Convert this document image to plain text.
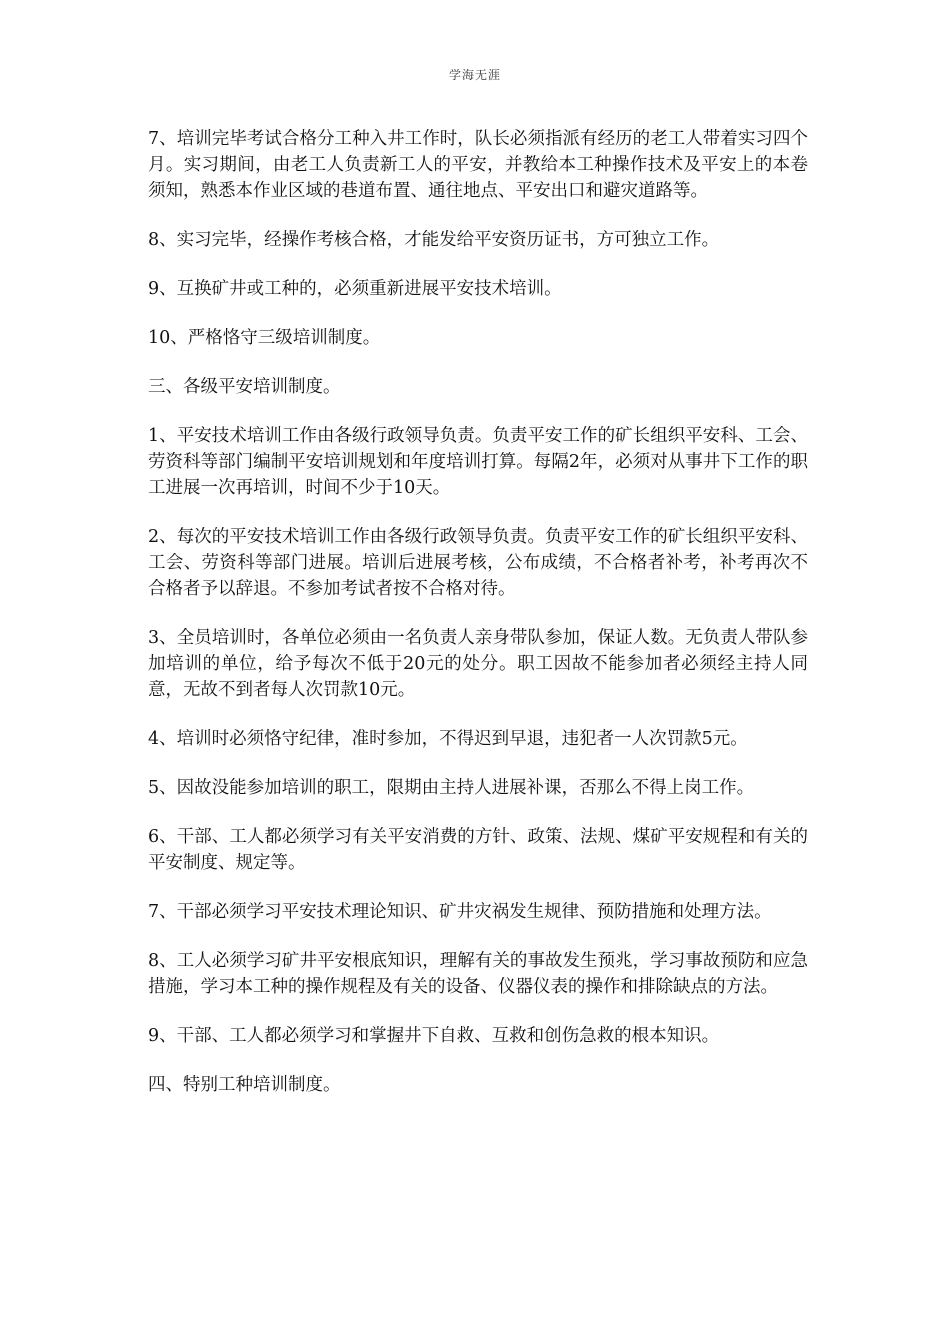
学海无涯

7、培训完毕考试合格分工种入井工作时，队长必须指派有经历的老工人带着实习四个月。实习期间，由老工人负责新工人的平安，并教给本工种操作技术及平安上的本卷须知，熟悉本作业区域的巷道布置、通往地点、平安出口和避灾道路等。

8、实习完毕，经操作考核合格，才能发给平安资历证书，方可独立工作。

9、互换矿井或工种的，必须重新进展平安技术培训。

10、严格恪守三级培训制度。

三、各级平安培训制度。

1、平安技术培训工作由各级行政领导负责。负责平安工作的矿长组织平安科、工会、劳资科等部门编制平安培训规划和年度培训打算。每隔2年，必须对从事井下工作的职工进展一次再培训，时间不少于10天。

2、每次的平安技术培训工作由各级行政领导负责。负责平安工作的矿长组织平安科、工会、劳资科等部门进展。培训后进展考核，公布成绩，不合格者补考，补考再次不合格者予以辞退。不参加考试者按不合格对待。

3、全员培训时，各单位必须由一名负责人亲身带队参加，保证人数。无负责人带队参加培训的单位，给予每次不低于20元的处分。职工因故不能参加者必须经主持人同意，无故不到者每人次罚款10元。

4、培训时必须恪守纪律，准时参加，不得迟到早退，违犯者一人次罚款5元。

5、因故没能参加培训的职工，限期由主持人进展补课，否那么不得上岗工作。

6、干部、工人都必须学习有关平安消费的方针、政策、法规、煤矿平安规程和有关的平安制度、规定等。

7、干部必须学习平安技术理论知识、矿井灾祸发生规律、预防措施和处理方法。

8、工人必须学习矿井平安根底知识，理解有关的事故发生预兆，学习事故预防和应急措施，学习本工种的操作规程及有关的设备、仪器仪表的操作和排除缺点的方法。

9、干部、工人都必须学习和掌握井下自救、互救和创伤急救的根本知识。

四、特别工种培训制度。
